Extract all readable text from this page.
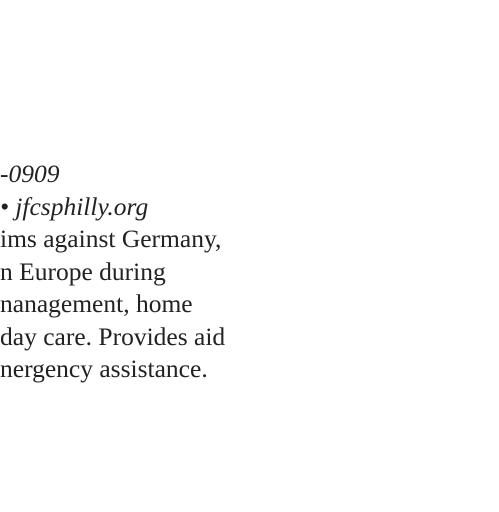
-0909
• jfcsphilly.org
ims against Germany,
n Europe during
nanagement, home
day care. Provides aid
nergency assistance.
